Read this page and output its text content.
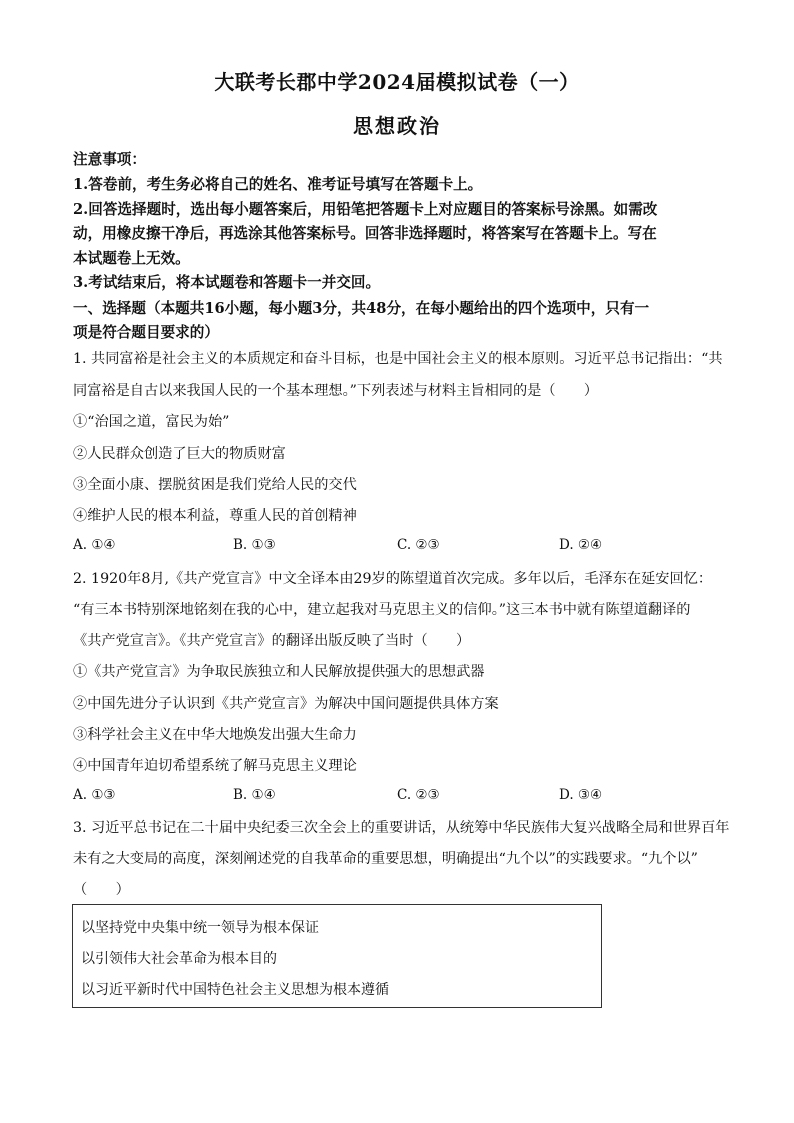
大联考长郡中学2024届模拟试卷（一）
思想政治
注意事项：
1.答卷前，考生务必将自己的姓名、准考证号填写在答题卡上。
2.回答选择题时，选出每小题答案后，用铅笔把答题卡上对应题目的答案标号涂黑。如需改
动，用橡皮擦干净后，再选涂其他答案标号。回答非选择题时，将答案写在答题卡上。写在
本试题卷上无效。
3.考试结束后，将本试题卷和答题卡一并交回。
一、选择题（本题共16小题，每小题3分，共48分，在每小题给出的四个选项中，只有一
项是符合题目要求的）
1. 共同富裕是社会主义的本质规定和奋斗目标，也是中国社会主义的根本原则。习近平总书记指出：“共
同富裕是自古以来我国人民的一个基本理想。”下列表述与材料主旨相同的是（　　）
①“治国之道，富民为始”
②人民群众创造了巨大的物质财富
③全面小康、摆脱贫困是我们党给人民的交代
④维护人民的根本利益，尊重人民的首创精神
A. ①④	B. ①③	C. ②③	D. ②④
2. 1920年8月,《共产党宣言》中文全译本由29岁的陈望道首次完成。多年以后，毛泽东在延安回忆：
“有三本书特别深地铭刻在我的心中，建立起我对马克思主义的信仰。”这三本书中就有陈望道翻译的
《共产党宣言》。《共产党宣言》的翻译出版反映了当时（　　）
①《共产党宣言》为争取民族独立和人民解放提供强大的思想武器
②中国先进分子认识到《共产党宣言》为解决中国问题提供具体方案
③科学社会主义在中华大地焕发出强大生命力
④中国青年迫切希望系统了解马克思主义理论
A. ①③	B. ①④	C. ②③	D. ③④
3. 习近平总书记在二十届中央纪委三次全会上的重要讲话，从统筹中华民族伟大复兴战略全局和世界百年
未有之大变局的高度，深刻阐述党的自我革命的重要思想，明确提出“九个以”的实践要求。“九个以”
（　　）
以坚持党中央集中统一领导为根本保证
以引领伟大社会革命为根本目的
以习近平新时代中国特色社会主义思想为根本遵循
